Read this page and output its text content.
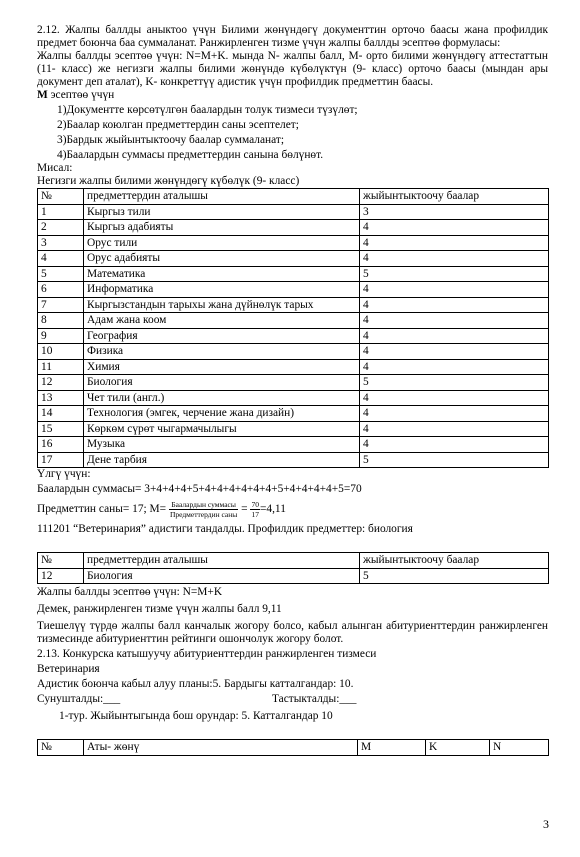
2.12. Жалпы баллды аныктоо үчүн Билими жөнүндөгү документтин орточо баасы жана профилдик предмет боюнча баа суммаланат. Ранжирленген тизме үчүн жалпы баллды эсептөө формуласы:

Жалпы баллды эсептөө үчүн: N=M+K. мында N- жалпы балл, M- орто билими жөнүндөгү аттестаттын (11- класс) же негизги жалпы билими жөнүндө күбөлүктүн (9- класс) орточо баасы (мындан ары документ деп аталат), K- конкреттүү адистик үчүн профилдик предметтин баасы.

M эсептөө үчүн

1)Документте көрсөтүлгөн баалардын толук тизмеси түзүлөт;

2)Баалар коюлган предметтердин саны эсептелет;

3)Бардык жыйынтыктоочу баалар суммаланат;

4)Баалардын суммасы предметтердин санына бөлүнөт.

Мисал:

Негизги жалпы билими жөнүндөгү күбөлүк (9- класс)

№	предметтердин аталышы	жыйынтыктоочу баалар
1	Кыргыз тили	3
2	Кыргыз адабияты	4
3	Орус тили	4
4	Орус адабияты	4
5	Математика	5
6	Информатика	4
7	Кыргызстандын тарыхы жана дүйнөлүк тарых	4
8	Адам жана коом	4
9	География	4
10	Физика	4
11	Химия	4
12	Биология	5
13	Чет тили (англ.)	4
14	Технология (эмгек, черчение жана дизайн)	4
15	Көркөм сүрөт чыгармачылыгы	4
16	Музыка	4
17	Дене тарбия	5

Үлгү үчүн:

Баалардын суммасы= 3+4+4+4+5+4+4+4+4+4+4+5+4+4+4+4+5=70

Предметтин саны= 17; $M= \frac{\text{Баалардын суммасы}}{\text{Предметтердин саны}} = \frac{70}{17} =4,11$

111201 “Ветеринария” адистиги тандалды. Профилдик предметтер: биология

№	предметтердин аталышы	жыйынтыктоочу баалар
12	Биология	5

Жалпы баллды эсептөө үчүн: N=M+K

Демек, ранжирленген тизме үчүн жалпы балл 9,11

Тиешелүү түрдө жалпы балл канчалык жогору болсо, кабыл алынган абитуриенттердин ранжирленген тизмесинде абитуриенттин рейтинги ошончолук жогору болот.

2.13. Конкурска катышуучу абитуриенттердин ранжирленген тизмеси

Ветеринария

Адистик боюнча кабыл алуу планы:5. Бардыгы катталгандар: 10.

Сунушталды:___	Тастыкталды:___

1-тур. Жыйынтыгында бош орундар: 5. Катталгандар 10

№	Аты- жөнү	M	K	N
3
